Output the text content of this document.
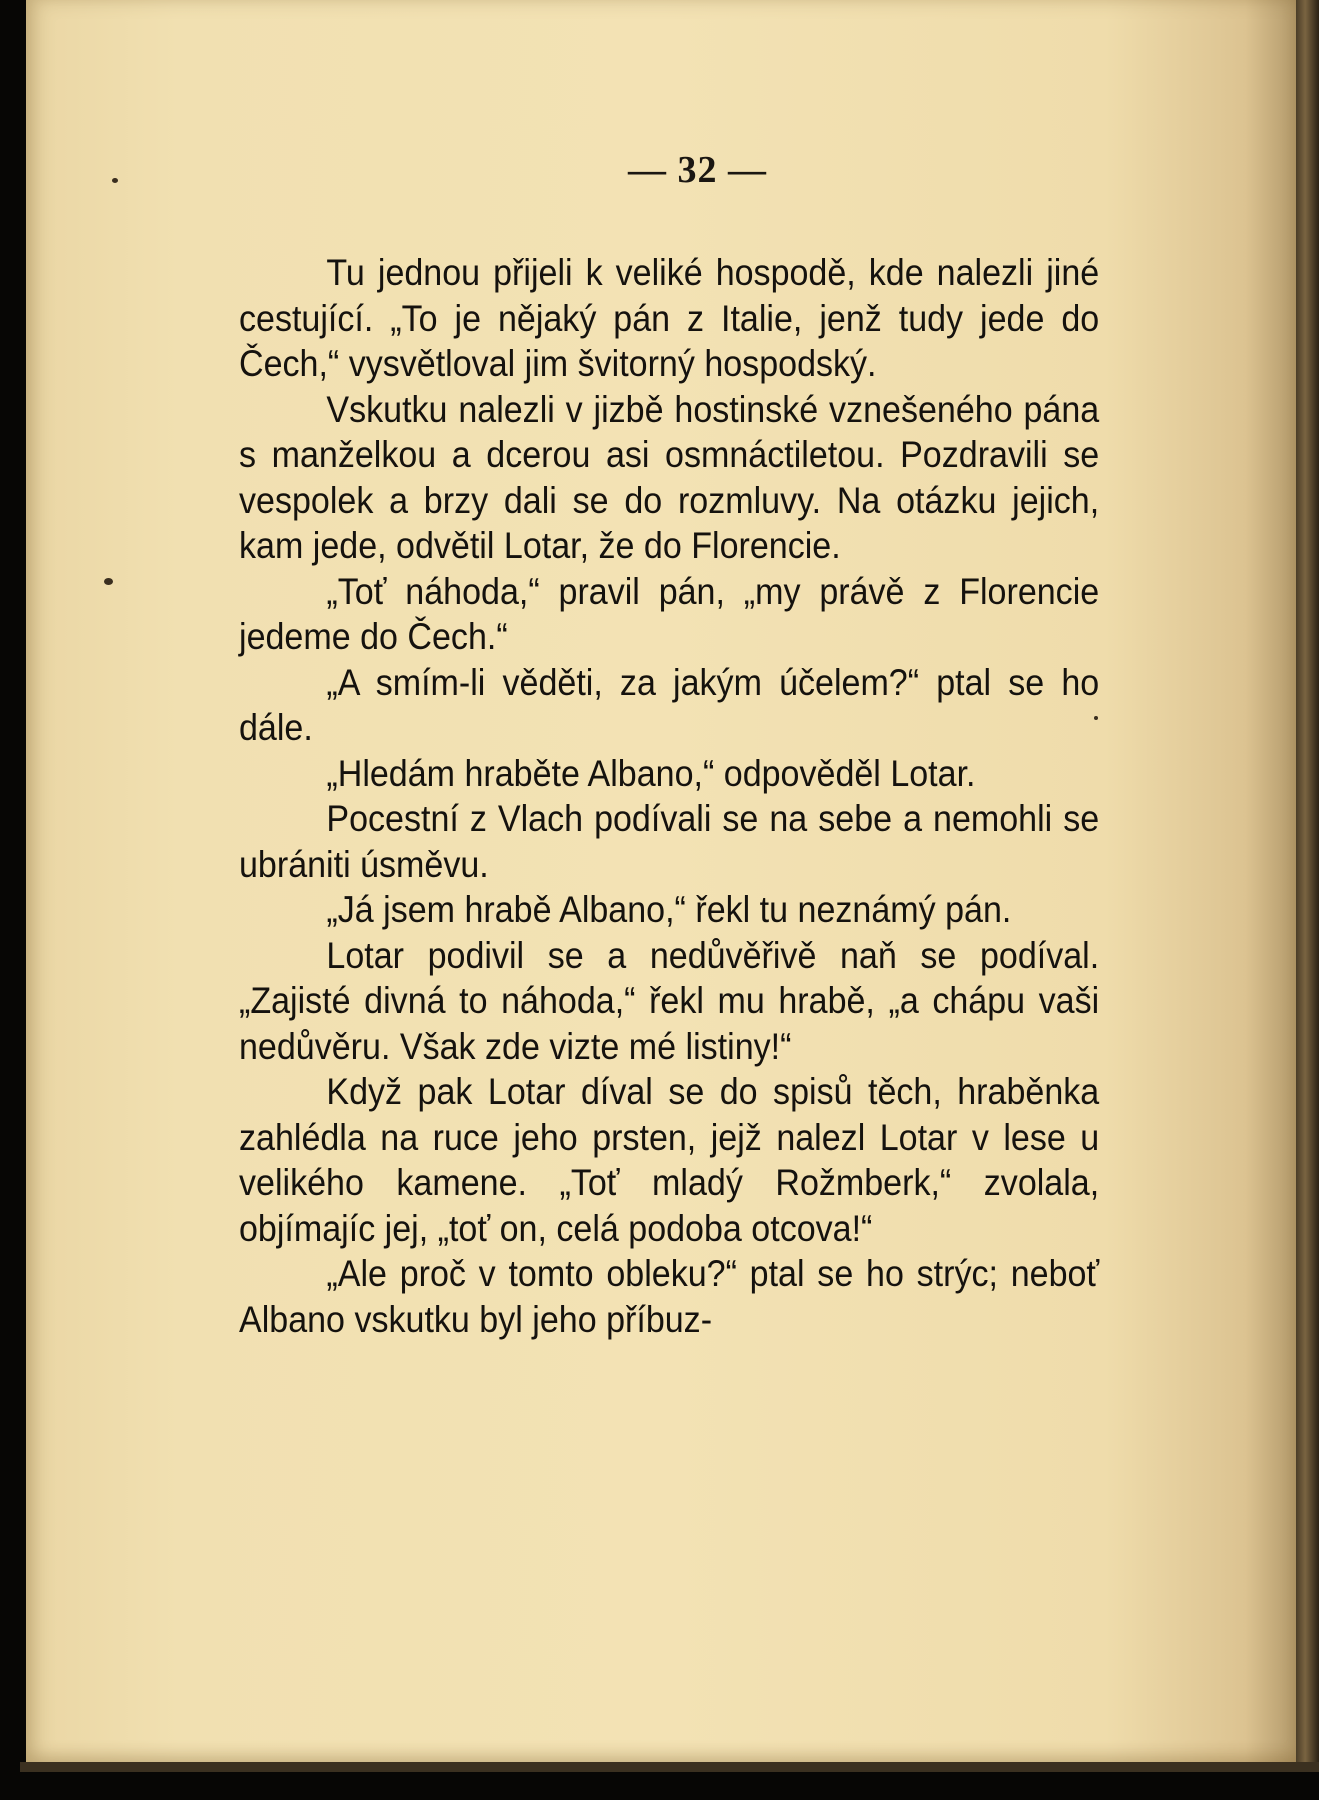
— 32 —

Tu jednou přijeli k veliké hospodě, kde nalezli jiné cestující. „To je nějaký pán z Italie, jenž tudy jede do Čech,“ vysvětloval jim švitorný hospodský.

Vskutku nalezli v jizbě hostinské vznešeného pána s manželkou a dcerou asi osmnáctiletou. Pozdravili se vespolek a brzy dali se do rozmluvy. Na otázku jejich, kam jede, odvětil Lotar, že do Florencie.

„Toť náhoda,“ pravil pán, „my právě z Florencie jedeme do Čech.“

„A smím-li věděti, za jakým účelem?“ ptal se ho dále.

„Hledám hraběte Albano,“ odpověděl Lotar.

Pocestní z Vlach podívali se na sebe a nemohli se ubrániti úsměvu.

„Já jsem hrabě Albano,“ řekl tu neznámý pán.

Lotar podivil se a nedůvěřivě naň se podíval. „Zajisté divná to náhoda,“ řekl mu hrabě, „a chápu vaši nedůvěru. Však zde vizte mé listiny!“

Když pak Lotar díval se do spisů těch, hraběnka zahlédla na ruce jeho prsten, jejž nalezl Lotar v lese u velikého kamene. „Toť mladý Rožmberk,“ zvolala, objímajíc jej, „toť on, celá podoba otcova!“

„Ale proč v tomto obleku?“ ptal se ho strýc; neboť Albano vskutku byl jeho příbuz-
